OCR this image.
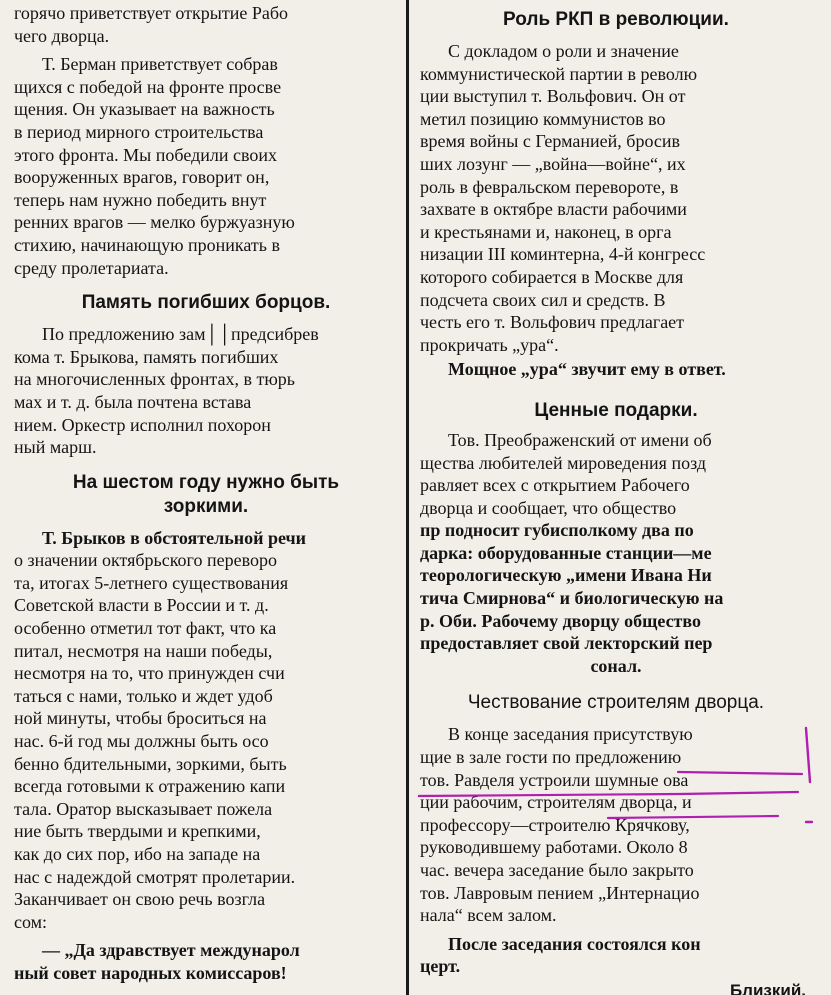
горячо приветствует открытие Рабо

чего дворца.

Т. Берман приветствует собрав

щихся с победой на фронте просве

щения. Он указывает на важность

в период мирного строительства

этого фронта. Мы победили своих

вооруженных врагов, говорит он,

теперь нам нужно победить внут

ренних врагов — мелко буржуазную

стихию, начинающую проникать в

среду пролетариата.

Память погибших борцов.

По предложению зам││предсибрев

кома т. Брыкова, память погибших

на многочисленных фронтах, в тюрь

мах и т. д. была почтена встава

нием. Оркестр исполнил похорон

ный марш.

На шестом году нужно быть
зоркими.

Т. Брыков в обстоятельной речи

о значении октябрьского переворо

та, итогах 5-летнего существования

Советской власти в России и т. д.

особенно отметил тот факт, что ка

питал, несмотря на наши победы,

несмотря на то, что принужден счи

таться с нами, только и ждет удоб

ной минуты, чтобы броситься на

нас. 6-й год мы должны быть осо

бенно бдительными, зоркими, быть

всегда готовыми к отражению капи

тала. Оратор высказывает пожела

ние быть твердыми и крепкими,

как до сих пор, ибо на западе на

нас с надеждой смотрят пролетарии.

Заканчивает он свою речь возгла

сом:

— „Да здравствует междунарол

ный совет народных комиссаров!

Роль РКП в революции.

С докладом о роли и значение

коммунистической партии в револю

ции выступил т. Вольфович. Он от

метил позицию коммунистов во

время войны с Германией, бросив

ших лозунг — „война—войне“, их

роль в февральском перевороте, в

захвате в октябре власти рабочими

и крестьянами и, наконец, в орга

низации III коминтерна, 4-й конгресс

которого собирается в Москве для

подсчета своих сил и средств. В

честь его т. Вольфович предлагает

прокричать „ура“.

Мощное „ура“ звучит ему в ответ.

Ценные подарки.

Тов. Преображенский от имени об

щества любителей мироведения позд

равляет всех с открытием Рабочего

дворца и сообщает, что общество

пр подносит губисполкому два по

дарка: оборудованные станции—ме

теорологическую „имени Ивана Ни

тича Смирнова“ и биологическую на

р. Оби. Рабочему дворцу общество

предоставляет свой лекторский пер

сонал.

Чествование строителям дворца.

В конце заседания присутствую

щие в зале гости по предложению

тов. Равделя устроили шумные ова

ции рабочим, строителям дворца, и

профессору—строителю Крячкову,

руководившему работами. Около 8

час. вечера заседание было закрыто

тов. Лавровым пением „Интернацио

нала“ всем залом.

После заседания состоялся кон

церт.

Близкий.
